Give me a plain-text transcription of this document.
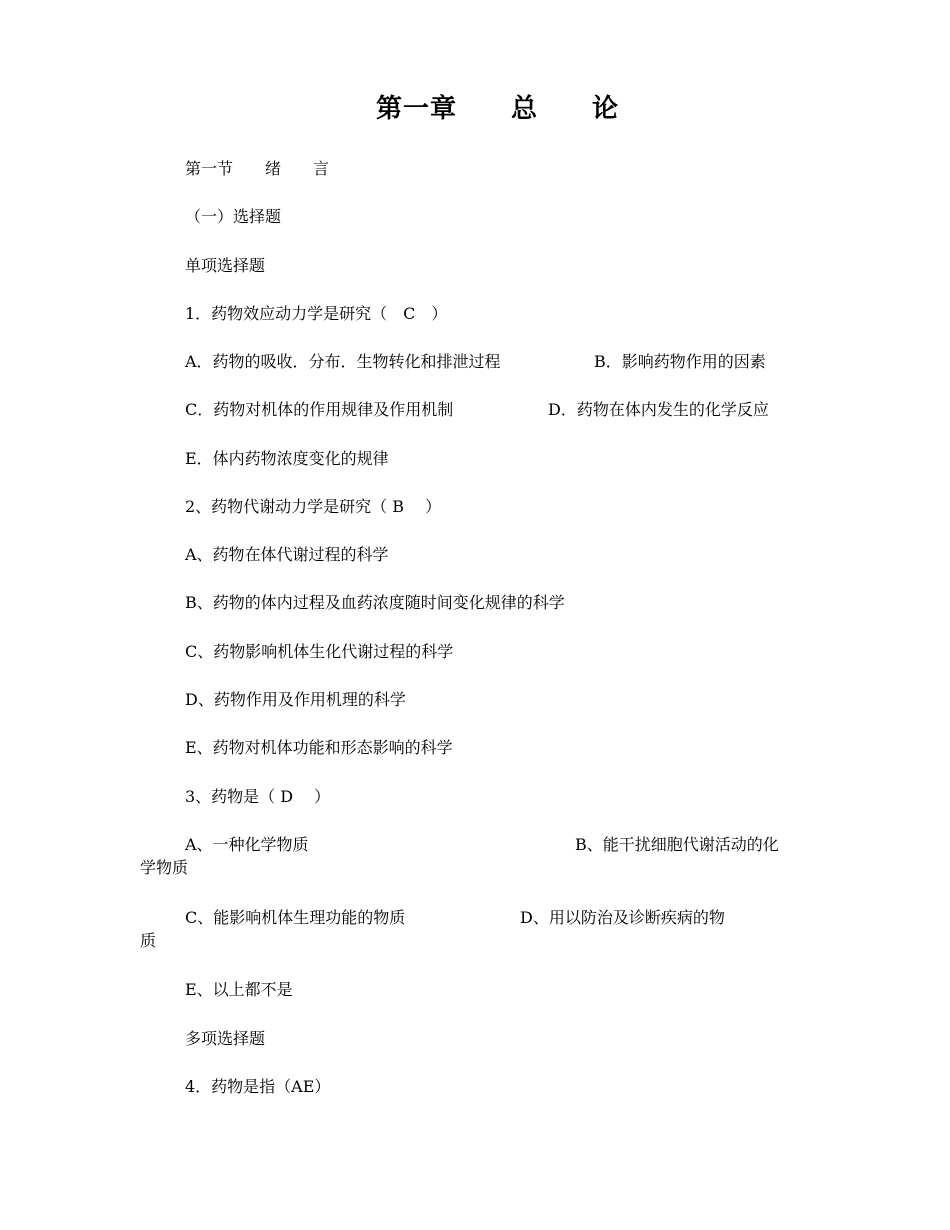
第一章　　总　　论
第一节　　绪　　言
（一）选择题
单项选择题
1．药物效应动力学是研究（　C　）
A．药物的吸收．分布．生物转化和排泄过程	B．影响药物作用的因素
C．药物对机体的作用规律及作用机制	D．药物在体内发生的化学反应
E．体内药物浓度变化的规律
2、药物代谢动力学是研究（ B　 ）
A、药物在体代谢过程的科学
B、药物的体内过程及血药浓度随时间变化规律的科学
C、药物影响机体生化代谢过程的科学
D、药物作用及作用机理的科学
E、药物对机体功能和形态影响的科学
3、药物是（ D　 ）
A、一种化学物质	B、能干扰细胞代谢活动的化
学物质
C、能影响机体生理功能的物质	D、用以防治及诊断疾病的物
质
E、以上都不是
多项选择题
4．药物是指（AE）
